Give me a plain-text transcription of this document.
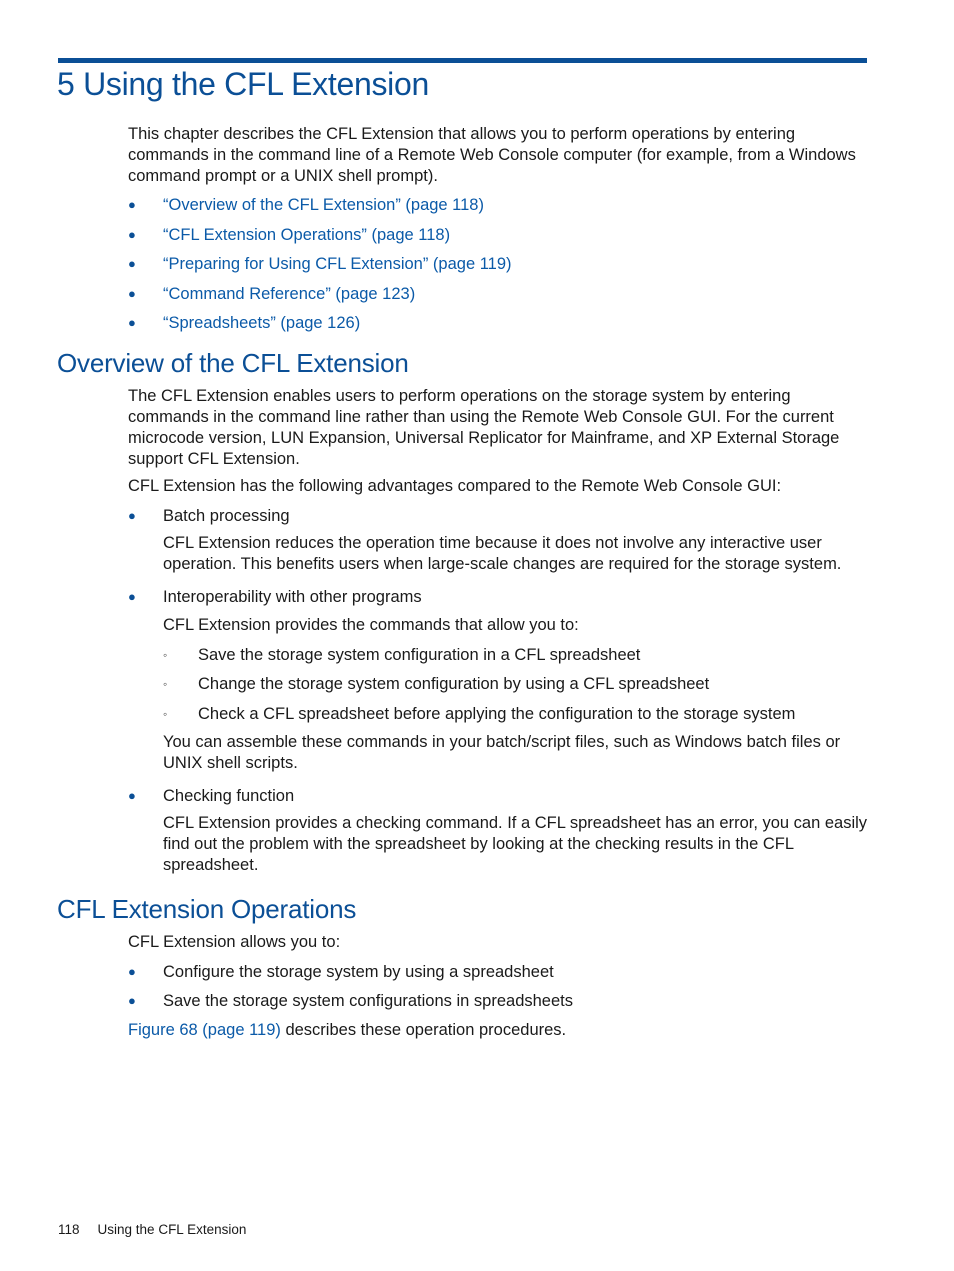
5 Using the CFL Extension

This chapter describes the CFL Extension that allows you to perform operations by entering commands in the command line of a Remote Web Console computer (for example, from a Windows command prompt or a UNIX shell prompt).

● “Overview of the CFL Extension” (page 118)
● “CFL Extension Operations” (page 118)
● “Preparing for Using CFL Extension” (page 119)
● “Command Reference” (page 123)
● “Spreadsheets” (page 126)
Overview of the CFL Extension

The CFL Extension enables users to perform operations on the storage system by entering commands in the command line rather than using the Remote Web Console GUI. For the current microcode version, LUN Expansion, Universal Replicator for Mainframe, and XP External Storage support CFL Extension.

CFL Extension has the following advantages compared to the Remote Web Console GUI:

● Batch processing

CFL Extension reduces the operation time because it does not involve any interactive user operation. This benefits users when large-scale changes are required for the storage system.

● Interoperability with other programs

CFL Extension provides the commands that allow you to:

◦ Save the storage system configuration in a CFL spreadsheet
◦ Change the storage system configuration by using a CFL spreadsheet
◦ Check a CFL spreadsheet before applying the configuration to the storage system

You can assemble these commands in your batch/script files, such as Windows batch files or UNIX shell scripts.

● Checking function

CFL Extension provides a checking command. If a CFL spreadsheet has an error, you can easily find out the problem with the spreadsheet by looking at the checking results in the CFL spreadsheet.

CFL Extension Operations

CFL Extension allows you to:

● Configure the storage system by using a spreadsheet
● Save the storage system configurations in spreadsheets

Figure 68 (page 119) describes these operation procedures.

118 Using the CFL Extension
